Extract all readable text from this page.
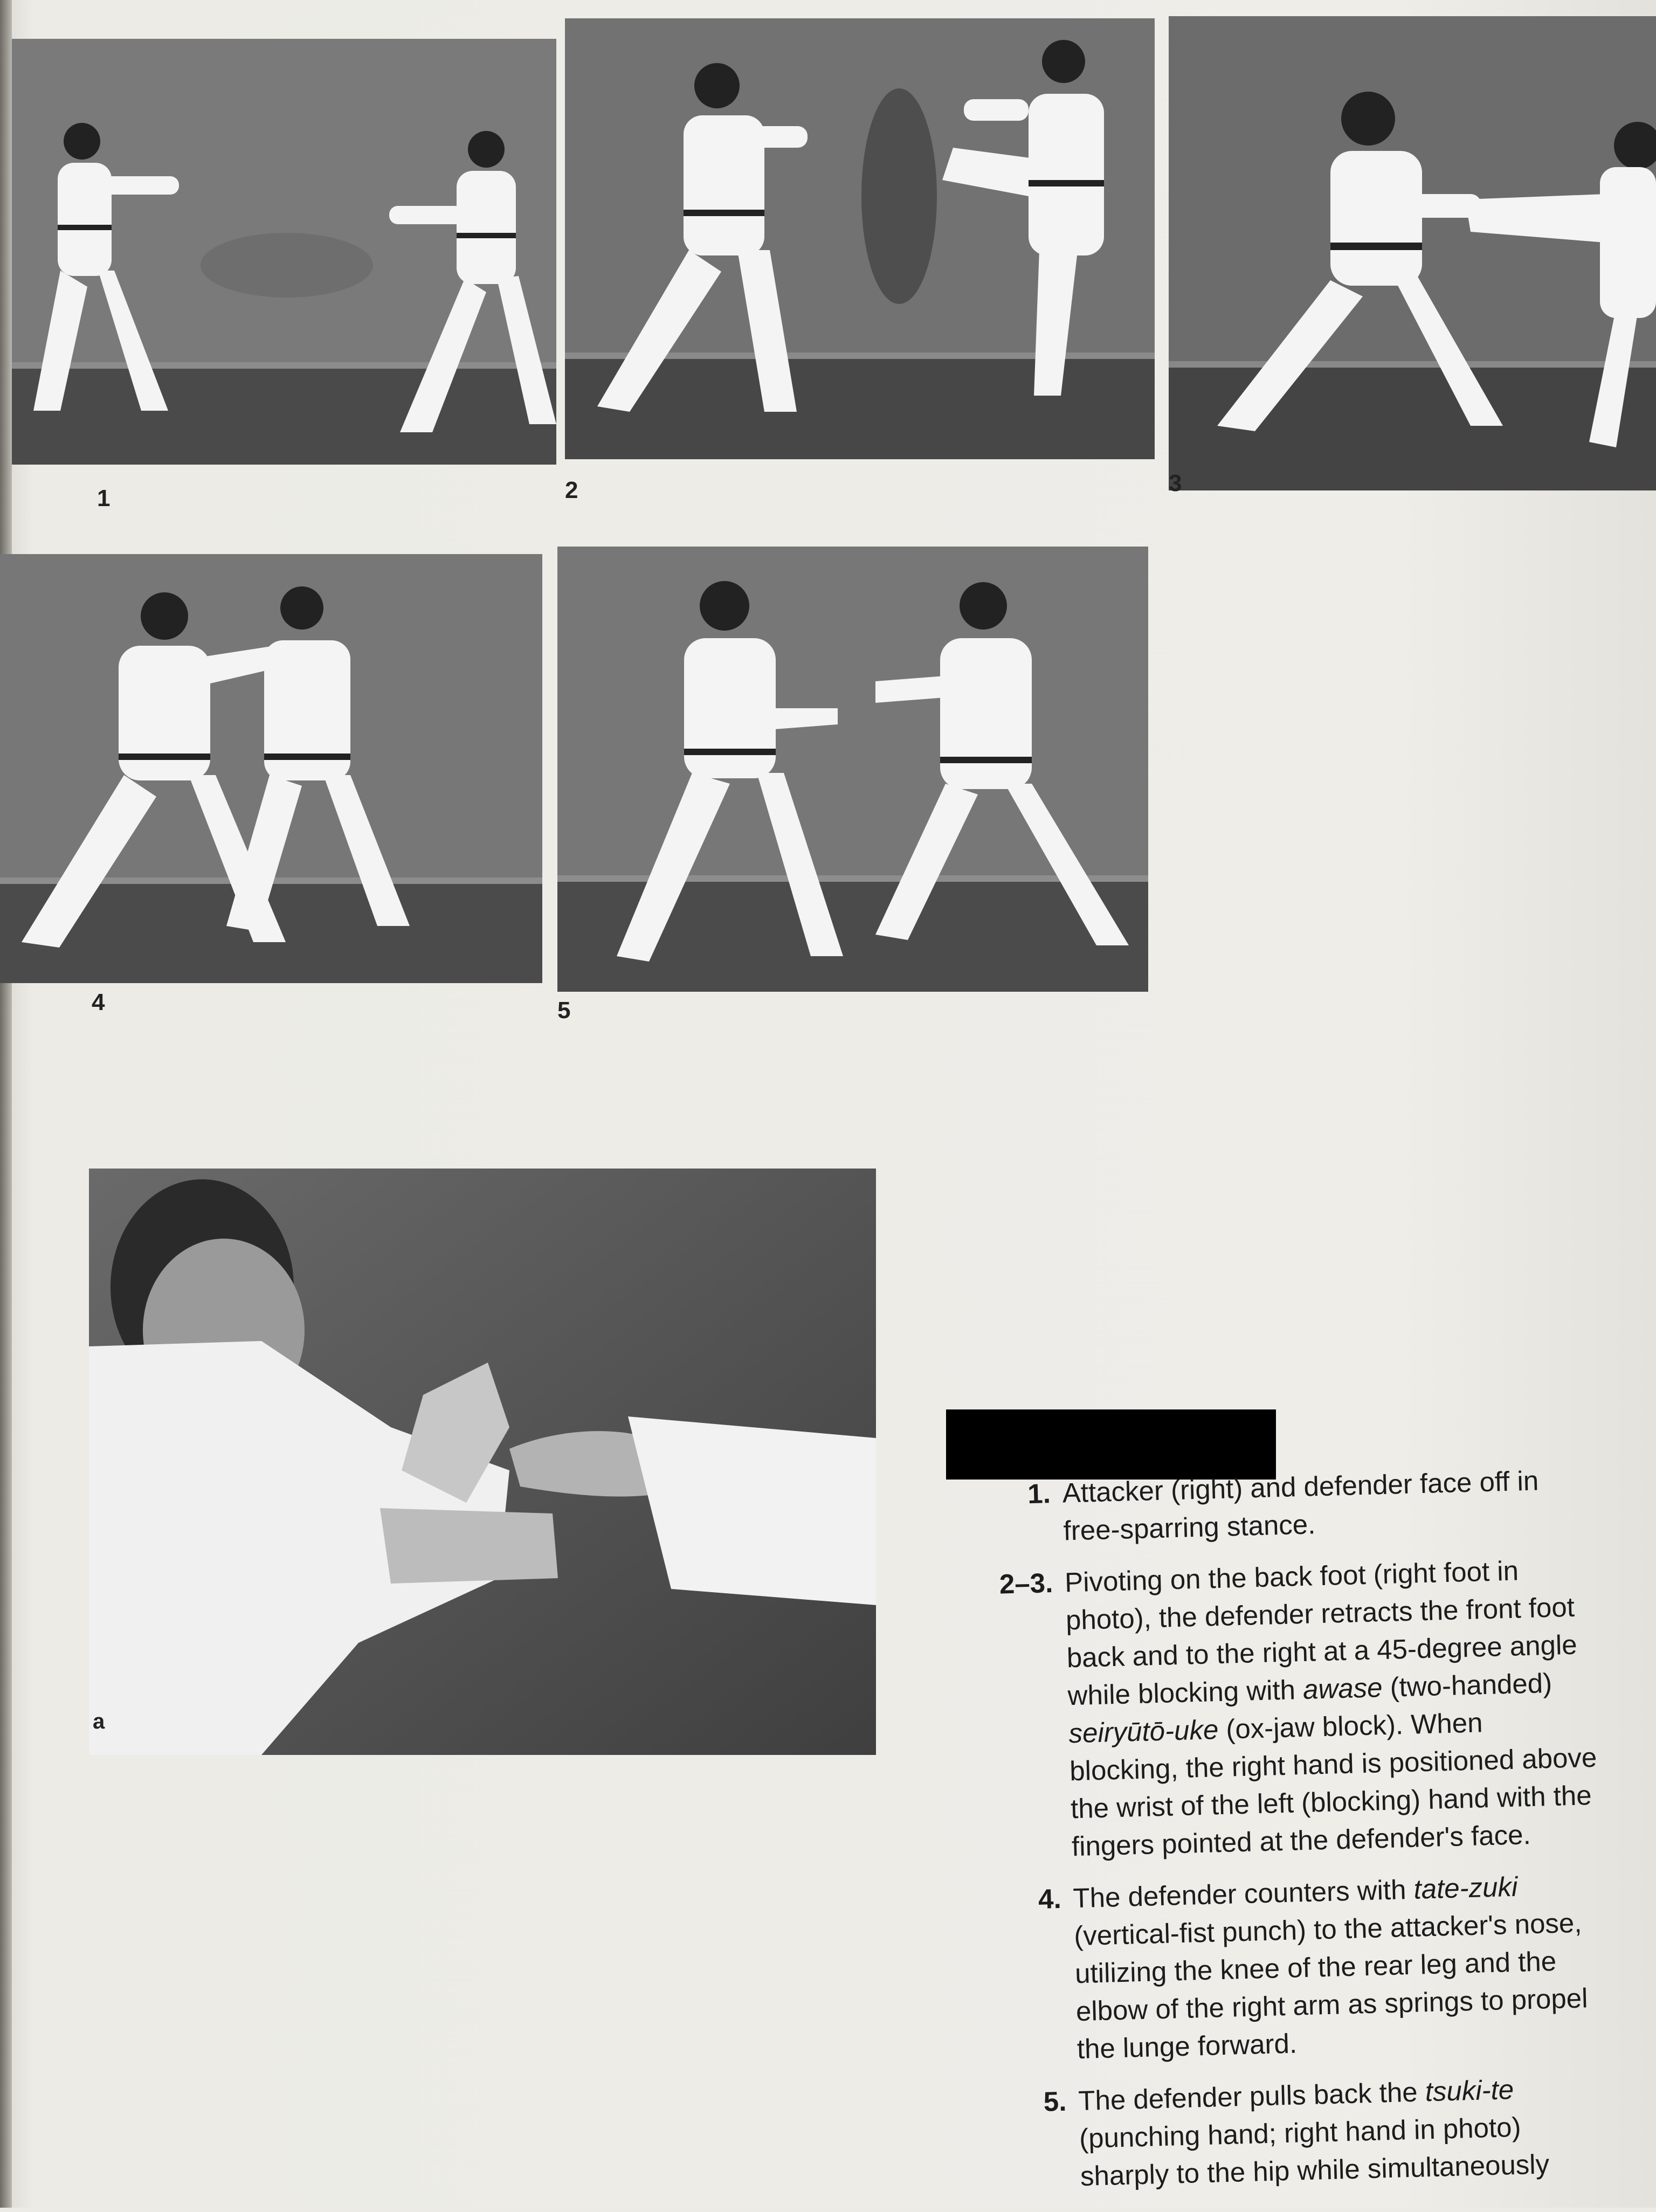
1	2	3
4	5
a
1. Attacker (right) and defender face off in free-sparring stance.
2–3. Pivoting on the back foot (right foot in photo), the defender retracts the front foot back and to the right at a 45-degree angle while blocking with awase (two-handed) seiryūtō-uke (ox-jaw block). When blocking, the right hand is positioned above the wrist of the left (blocking) hand with the fingers pointed at the defender's face.
4. The defender counters with tate-zuki (vertical-fist punch) to the attacker's nose, utilizing the knee of the rear leg and the elbow of the right arm as springs to propel the lunge forward.
5. The defender pulls back the tsuki-te (punching hand; right hand in photo) sharply to the hip while simultaneously
